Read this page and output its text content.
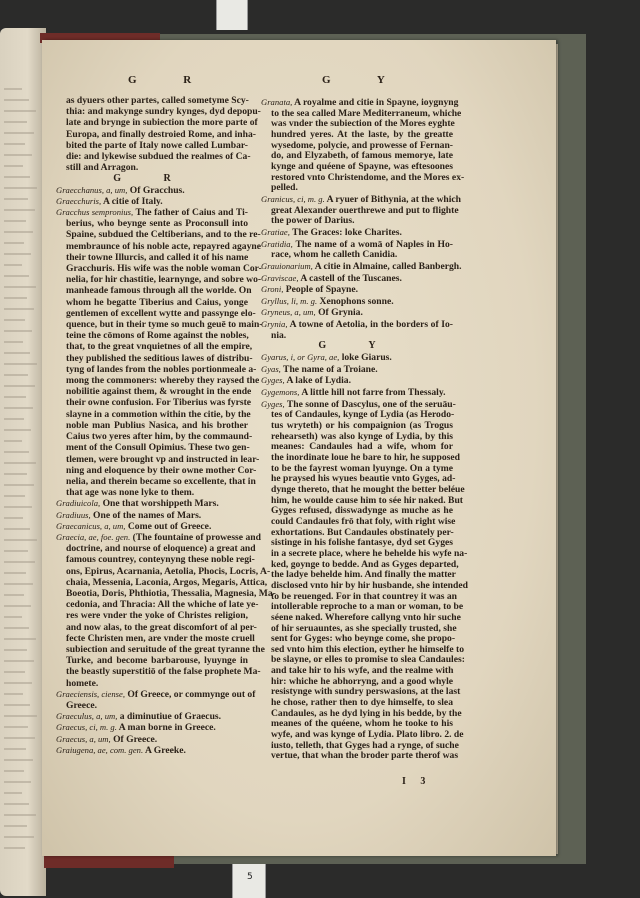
5
G R	G Y
as dyuers other partes, called sometyme Scy-
thia: and makynge sundry kynges, dyd depopu-
late and brynge in subiection the more parte of
Europa, and finally destroied Rome, and inha-
bited the parte of Italy nowe called Lumbar-
die: and lykewise subdued the realmes of Ca-
still and Arragon.
G R
Graecchanus, a, um, Of Gracchus.
Graecchuris, A citie of Italy.
Gracchus sempronius, The father of Caius and Ti-
berius, who beynge sente as Proconsull into
Spaine, subdued the Celtiberians, and to the re-
membraunce of his noble acte, repayred agayne
their towne Illurcis, and called it of his name
Gracchuris. His wife was the noble woman Cor-
nelia, for hir chastitie, learnynge, and sobre wo-
manheade famous through all the worlde. On
whom he begatte Tiberius and Caius, yonge
gentlemen of excellent wytte and passynge elo-
quence, but in their tyme so much geuē to main-
teine the cōmons of Rome against the nobles,
that, to the great vnquietnes of all the empire,
they published the seditious lawes of distribu-
tyng of landes from the nobles portionmeale a-
mong the commoners: whereby they raysed the
nobilitie against them, & wrought in the ende
their owne confusion. For Tiberius was fyrste
slayne in a commotion within the citie, by the
noble man Publius Nasica, and his brother
Caius two yeres after him, by the commaund-
ment of the Consull Opimius. These two gen-
tlemen, were brought vp and instructed in lear-
ning and eloquence by their owne mother Cor-
nelia, and therein became so excellente, that in
that age was none lyke to them.
Gradiuicola, One that worshippeth Mars.
Gradiuus, One of the names of Mars.
Graecanicus, a, um, Come out of Greece.
Graecia, ae, foe. gen. (The fountaine of prowesse and
doctrine, and nourse of eloquence) a great and
famous countrey, conteynyng these noble regi-
ons, Epirus, Acarnania, Aetolia, Phocis, Locris, A-
chaia, Messenia, Laconia, Argos, Megaris, Attica,
Boeotia, Doris, Phthiotia, Thessalia, Magnesia, Ma-
cedonia, and Thracia: All the whiche of late ye-
res were vnder the yoke of Christes religion,
and now alas, to the great discomfort of al per-
fecte Christen men, are vnder the moste cruell
subiection and seruitude of the great tyranne the
Turke, and become barbarouse, lyuynge in
the beastly superstitiō of the false prophete Ma-
homete.
Graeciensis, ciense, Of Greece, or commynge out of
Greece.
Graeculus, a, um, a diminutiue of Graecus.
Graecus, ci, m. g. A man borne in Greece.
Graecus, a, um, Of Greece.
Graiugena, ae, com. gen. A Greeke.
Granata, A royalme and citie in Spayne, ioygnyng
to the sea called Mare Mediterraneum, whiche
was vnder the subiection of the Mores eyghte
hundred yeres. At the laste, by the greatte
wysedome, polycie, and prowesse of Fernan-
do, and Elyzabeth, of famous memorye, late
kynge and quéene of Spayne, was eftesoones
restored vnto Christendome, and the Mores ex-
pelled.
Granicus, ci, m. g. A ryuer of Bithynia, at the which
great Alexander ouerthrewe and put to flighte
the power of Darius.
Gratiae, The Graces: loke Charites.
Gratidia, The name of a womā of Naples in Ho-
race, whom he calleth Canidia.
Grauionarium, A citie in Almaine, called Banbergh.
Graviscae, A castell of the Tuscanes.
Groni, People of Spayne.
Gryllus, li, m. g. Xenophons sonne.
Gryneus, a, um, Of Grynia.
Grynia, A towne of Aetolia, in the borders of Io-
nia.
G Y
Gyarus, i, or Gyra, ae, loke Giarus.
Gyas, The name of a Troiane.
Gyges, A lake of Lydia.
Gygemons, A little hill not farre from Thessaly.
Gyges, The sonne of Dascylus, one of the seruāu-
tes of Candaules, kynge of Lydia (as Herodo-
tus wryteth) or his compaignion (as Trogus
rehearseth) was also kynge of Lydia, by this
meanes: Candaules had a wife, whom for
the inordinate loue he bare to hir, he supposed
to be the fayrest woman lyuynge. On a tyme
he praysed his wyues beautie vnto Gyges, ad-
dynge thereto, that he mought the better beléue
him, he woulde cause him to sée hir naked. But
Gyges refused, disswadynge as muche as he
could Candaules frō that foly, with right wise
exhortations. But Candaules obstinately per-
sistinge in his folishe fantasye, dyd set Gyges
in a secrete place, where he behelde his wyfe na-
ked, goynge to bedde. And as Gyges departed,
the ladye behelde him. And finally the matter
disclosed vnto hir by hir husbande, she intended
to be reuenged. For in that countrey it was an
intollerable reproche to a man or woman, to be
séene naked. Wherefore callyng vnto hir suche
of hir seruauntes, as she specially trusted, she
sent for Gyges: who beynge come, she propo-
sed vnto him this election, eyther he himselfe to
be slayne, or elles to promise to slea Candaules:
and take hir to his wyfe, and the realme with
hir: whiche he abhorryng, and a good whyle
resistynge with sundry perswasions, at the last
he chose, rather then to dye himselfe, to slea
Candaules, as he dyd lying in his bedde, by the
meanes of the quéene, whom he tooke to his
wyfe, and was kynge of Lydia. Plato libro. 2. de
iusto, telleth, that Gyges had a rynge, of suche
vertue, that whan the broder parte therof was
I 3
